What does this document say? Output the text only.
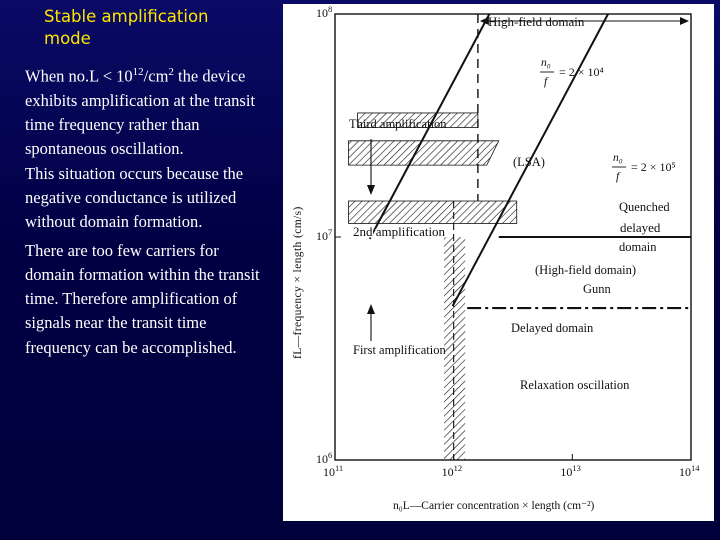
Stable amplification
mode

When $no.L < 10^{12}/cm^2$ the device exhibits amplification at the transit time frequency rather than spontaneous oscillation.

This situation occurs because the negative conductance is utilized without domain formation.

There are too few carriers for domain formation within the transit time. Therefore amplification of signals near the transit time frequency can be accomplished.

$10^{11}$	$10^{12}$	$10^{13}$	$10^{14}$
$10^6$
$10^7$
$10^8$
n₀L—Carrier concentration × length (cm⁻²)
fL—frequency × length (cm/s)
n₀
f
= 2 × 10⁴
n₀
f
= 2 × 10⁵
High-field domain
Third amplification
(LSA)
Quenched
delayed
domain
2nd amplification
(High-field domain)
Gunn
Delayed domain
First amplification
Relaxation oscillation
